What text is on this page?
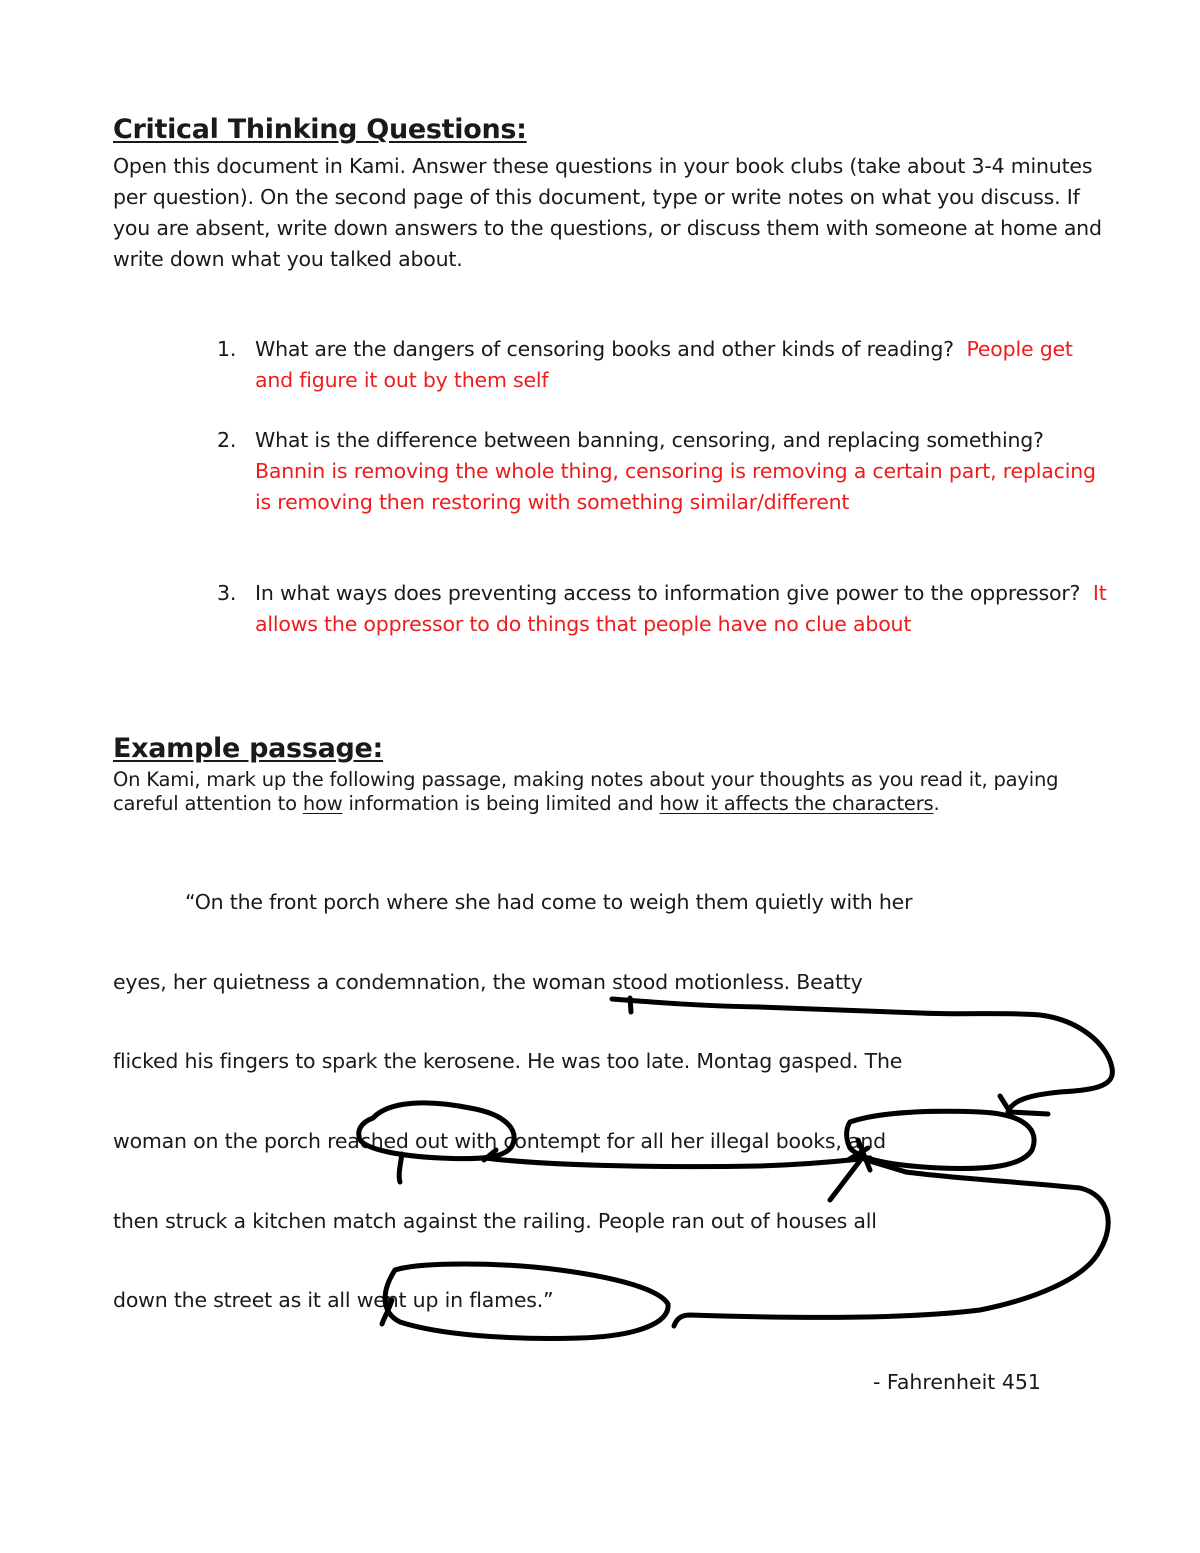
Critical Thinking Questions:

Open this document in Kami. Answer these questions in your book clubs (take about 3-4 minutes per question). On the second page of this document, type or write notes on what you discuss. If you are absent, write down answers to the questions, or discuss them with someone at home and write down what you talked about.

1. What are the dangers of censoring books and other kinds of reading? People get and figure it out by them self
2. What is the difference between banning, censoring, and replacing something?    Bannin is removing the whole thing, censoring is removing a certain part, replacing is removing then restoring with something similar/different
3. In what ways does preventing access to information give power to the oppressor? It allows the oppressor to do things that people have no clue about
Example passage:

On Kami, mark up the following passage, making notes about your thoughts as you read it, paying careful attention to how information is being limited and how it affects the characters.

“On the front porch where she had come to weigh them quietly with her

eyes, her quietness a condemnation, the woman stood motionless. Beatty

flicked his fingers to spark the kerosene. He was too late. Montag gasped. The

woman on the porch reached out with contempt for all her illegal books, and

then struck a kitchen match against the railing. People ran out of houses all

down the street as it all went up in flames.”

- Fahrenheit 451
